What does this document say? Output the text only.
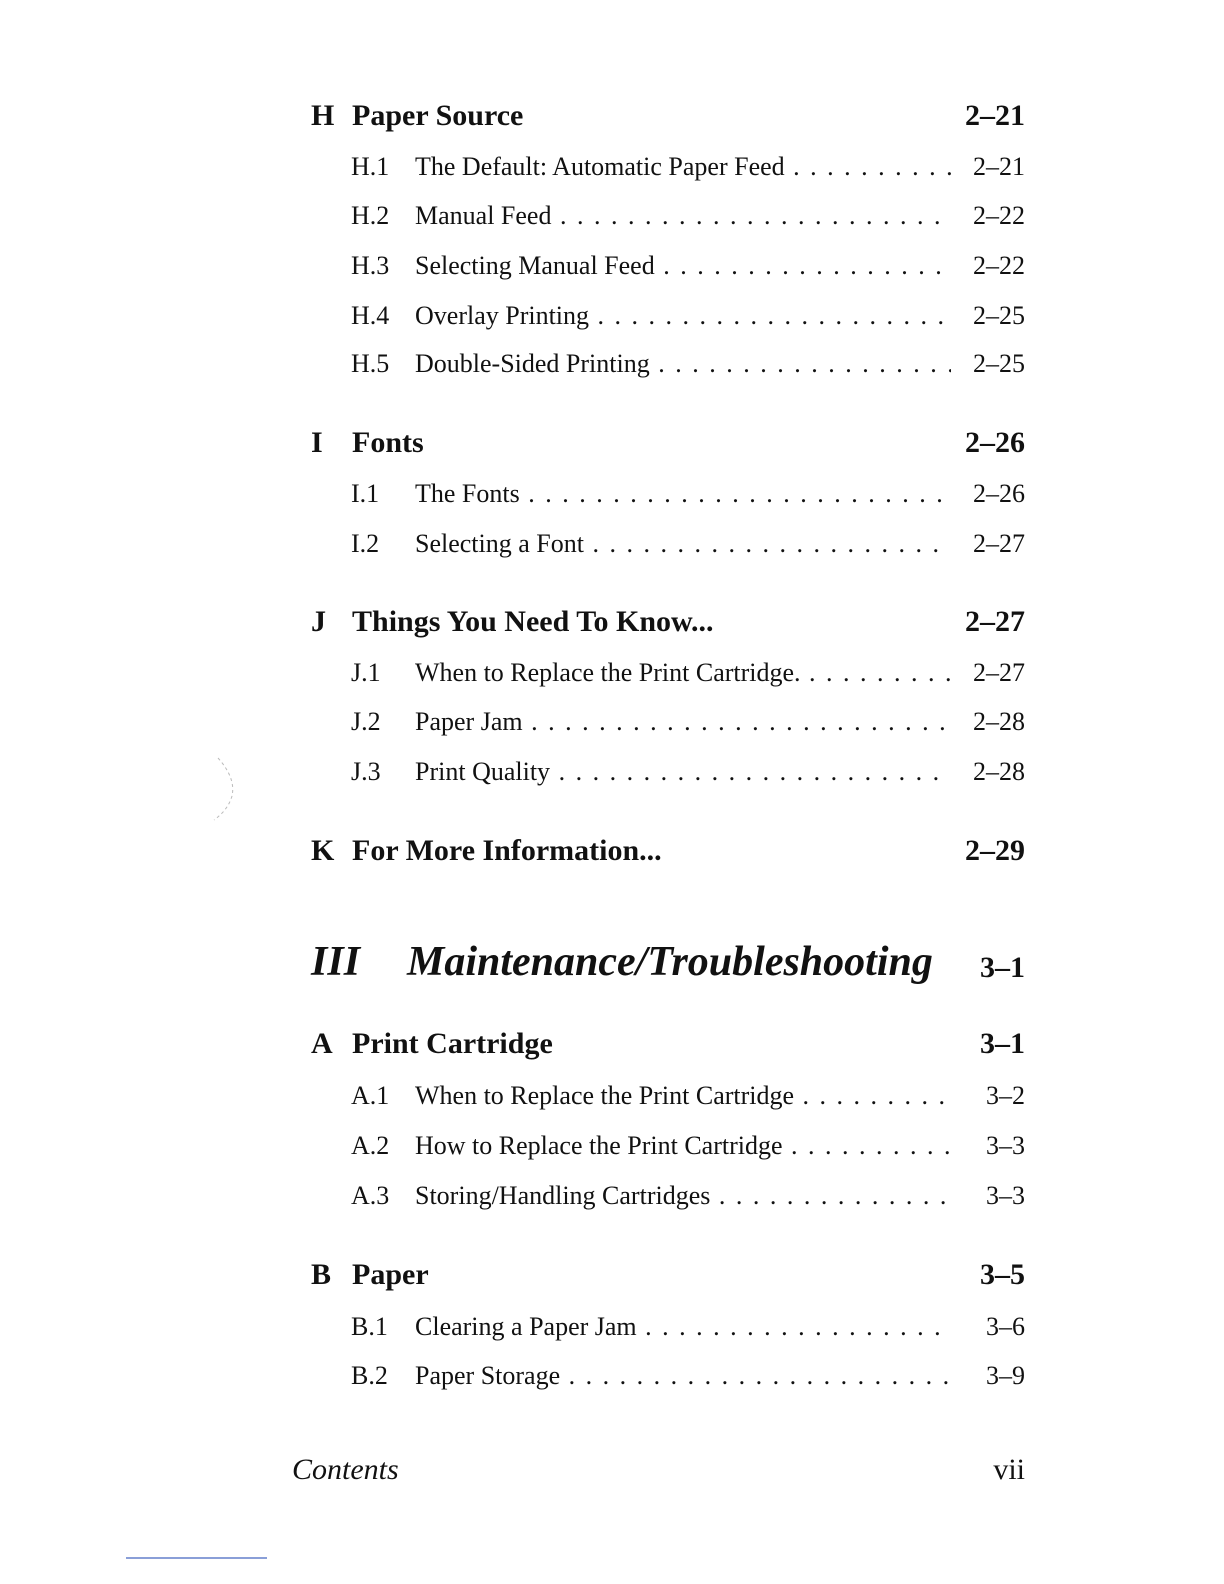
H Paper Source	2–21
H.1 The Default: Automatic Paper Feed . . .	2–21
H.2 Manual Feed . . .	2–22
H.3 Selecting Manual Feed . . .	2–22
H.4 Overlay Printing . . .	2–25
H.5 Double-Sided Printing . . .	2–25
I Fonts	2–26
I.1 The Fonts . . .	2–26
I.2 Selecting a Font . . .	2–27
J Things You Need To Know...	2–27
J.1 When to Replace the Print Cartridge. . . .	2–27
J.2 Paper Jam . . .	2–28
J.3 Print Quality . . .	2–28
K For More Information...	2–29
III Maintenance/Troubleshooting 3–1
A Print Cartridge	3–1
A.1 When to Replace the Print Cartridge . . .	3–2
A.2 How to Replace the Print Cartridge . . .	3–3
A.3 Storing/Handling Cartridges . . .	3–3
B Paper	3–5
B.1 Clearing a Paper Jam . . .	3–6
B.2 Paper Storage . . .	3–9
Contents	vii
